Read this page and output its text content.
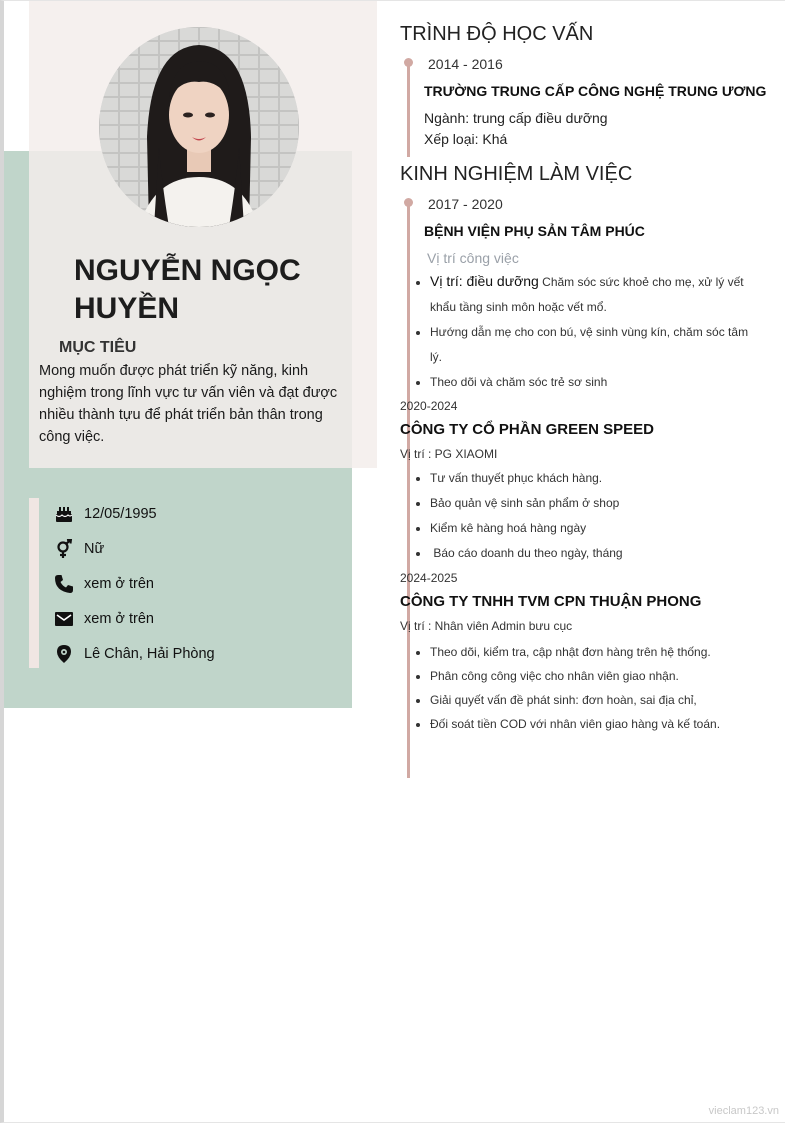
NGUYỄN NGỌC
HUYỀN
MỤC TIÊU
Mong muốn được phát triển kỹ năng, kinh nghiệm trong lĩnh vực tư vấn viên và đạt được nhiều thành tựu để phát triển bản thân trong công việc.
12/05/1995
Nữ
xem ở trên
xem ở trên
Lê Chân, Hải Phòng
TRÌNH ĐỘ HỌC VẤN
2014 - 2016
TRƯỜNG TRUNG CẤP CÔNG NGHỆ TRUNG ƯƠNG
Ngành: trung cấp điều dưỡng
Xếp loại: Khá
KINH NGHIỆM LÀM VIỆC
2017 - 2020
BỆNH VIỆN PHỤ SẢN TÂM PHÚC
Vị trí công việc
• Vị trí: điều dưỡng Chăm sóc sức khoẻ cho mẹ, xử lý vết khẩu tầng sinh môn hoặc vết mổ.
• Hướng dẫn mẹ cho con bú, vệ sinh vùng kín, chăm sóc tâm lý.
• Theo dõi và chăm sóc trẻ sơ sinh
2020-2024
CÔNG TY CỔ PHẦN GREEN SPEED
Vị trí : PG XIAOMI
• Tư vấn thuyết phục khách hàng.
• Bảo quản vệ sinh sản phẩm ở shop
• Kiểm kê hàng hoá hàng ngày
•  Báo cáo doanh du theo ngày, tháng
2024-2025
CÔNG TY TNHH TVM CPN THUẬN PHONG
Vị trí : Nhân viên Admin bưu cục
• Theo dõi, kiểm tra, cập nhật đơn hàng trên hệ thống.
• Phân công công việc cho nhân viên giao nhận.
• Giải quyết vấn đề phát sinh: đơn hoàn, sai địa chỉ,
• Đối soát tiền COD với nhân viên giao hàng và kế toán.
vieclam123.vn
